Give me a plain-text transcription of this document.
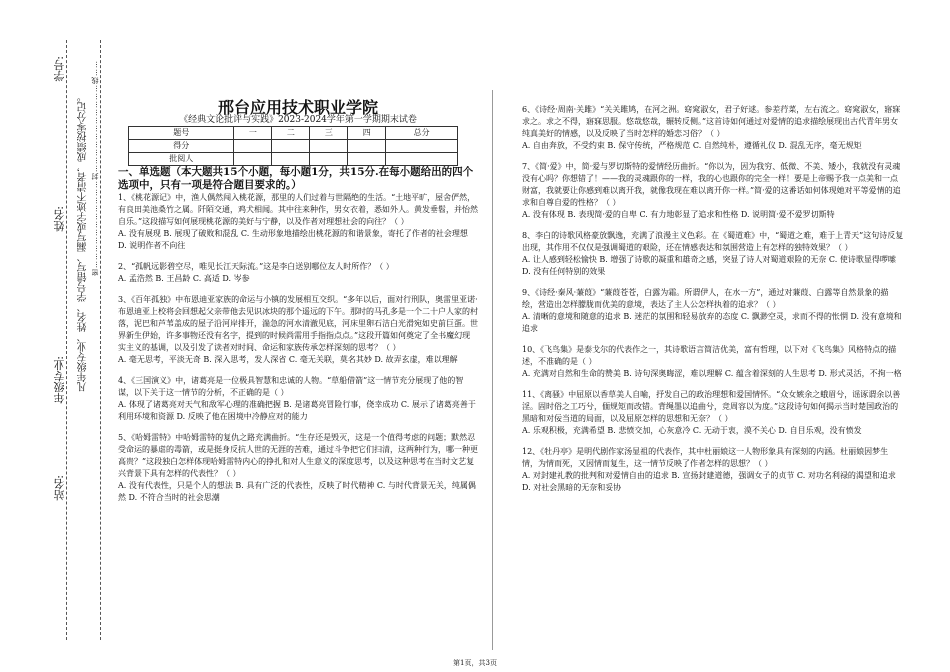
学号:
姓名:
年级专业:
站名:
凡年级专业、姓名、学号错写、漏写或字迹不清者，成绩按零分记。 密……………………………封……………………………线……	邢台应用技术职业学院

《经典文论批评与实践》2023-2024学年第一学期期末试卷

题号	一	二	三	四	总分
得分					
批阅人					

一、单选题（本大题共15个小题，每小题1分，共15分.在每小题给出的四个选项中，只有一项是符合题目要求的。）

1、《桃花源记》中，渔人偶然闯入桃花源，那里的人们过着与世隔绝的生活。“土地平旷，屋舍俨然，有良田美池桑竹之属。阡陌交通，鸡犬相闻。其中往来种作，男女衣着，悉如外人。黄发垂髫，并怡然自乐。”这段描写如何展现桃花源的美好与宁静，以及作者对理想社会的向往？（ ）

A. 没有展现 B. 展现了破败和混乱 C. 生动形象地描绘出桃花源的和谐景象，寄托了作者的社会理想 D. 说明作者不向往

2、“孤帆远影碧空尽，唯见长江天际流。”这是李白送别哪位友人时所作？（ ）

A. 孟浩然 B. 王昌龄 C. 高适 D. 岑参

3、《百年孤独》中布恩迪亚家族的命运与小镇的发展相互交织。“多年以后，面对行刑队，奥雷里亚诺·布恩迪亚上校将会回想起父亲带他去见识冰块的那个遥远的下午。那时的马孔多是一个二十户人家的村落，泥巴和芦苇盖成的屋子沿河岸排开，湍急的河水清澈见底，河床里卵石洁白光滑宛如史前巨蛋。世界新生伊始，许多事物还没有名字，提到的时候尚需用手指指点点。”这段开篇如何奠定了全书魔幻现实主义的基调，以及引发了读者对时间、命运和家族传承怎样深刻的思考？（ ）

A. 毫无思考，平淡无奇 B. 深入思考，发人深省 C. 毫无关联，莫名其妙 D. 故弄玄虚，难以理解

4、《三国演义》中，诸葛亮是一位极具智慧和忠诚的人物。“草船借箭”这一情节充分展现了他的智谋，以下关于这一情节的分析，不正确的是（ ）

A. 体现了诸葛亮对天气和敌军心理的准确把握 B. 是诸葛亮冒险行事，侥幸成功 C. 展示了诸葛亮善于利用环境和资源 D. 反映了他在困境中冷静应对的能力

5、《哈姆雷特》中哈姆雷特的复仇之路充满曲折。“生存还是毁灭，这是一个值得考虑的问题；默然忍受命运的暴虐的毒箭，或是挺身反抗人世的无涯的苦难，通过斗争把它们扫清，这两种行为，哪一种更高贵？”这段独白怎样体现哈姆雷特内心的挣扎和对人生意义的深度思考，以及这种思考在当时文艺复兴背景下具有怎样的代表性？（ ）

A. 没有代表性，只是个人的想法 B. 具有广泛的代表性，反映了时代精神 C. 与时代背景无关，纯属偶然 D. 不符合当时的社会思潮

6、《诗经·周南·关雎》“关关雎鸠，在河之洲。窈窕淑女，君子好逑。参差荇菜，左右流之。窈窕淑女，寤寐求之。求之不得，寤寐思服。悠哉悠哉，辗转反侧。”这首诗如何通过对爱情的追求描绘展现出古代青年男女纯真美好的情感，以及反映了当时怎样的婚恋习俗？（ ）

A. 自由奔放，不受约束 B. 保守传统，严格规范 C. 自然纯朴，遵循礼仪 D. 混乱无序，毫无规矩

7、《简·爱》中，简·爱与罗切斯特的爱情经历曲折。“你以为，因为我穷、低微、不美、矮小，我就没有灵魂没有心吗？你想错了！——我的灵魂跟你的一样，我的心也跟你的完全一样！要是上帝赐予我一点美和一点财富，我就要让你感到难以离开我，就像我现在难以离开你一样。”简·爱的这番话如何体现她对平等爱情的追求和自尊自爱的性格？（ ）

A. 没有体现 B. 表现简·爱的自卑 C. 有力地彰显了追求和性格 D. 说明简·爱不爱罗切斯特

8、李白的诗歌风格豪放飘逸，充满了浪漫主义色彩。在《蜀道难》中，“蜀道之难，难于上青天”这句诗反复出现，其作用不仅仅是强调蜀道的艰险，还在情感表达和氛围营造上有怎样的独特效果？（ ）

A. 让人感到轻松愉快 B. 增强了诗歌的凝重和雄奇之感，突显了诗人对蜀道艰险的无奈 C. 使诗歌显得啰嗦 D. 没有任何特别的效果

9、《诗经·秦风·蒹葭》“蒹葭苍苍，白露为霜。所谓伊人，在水一方”，通过对蒹葭、白露等自然景象的描绘，营造出怎样朦胧而优美的意境，表达了主人公怎样执着的追求？（ ）

A. 清晰的意境和随意的追求 B. 迷茫的氛围和轻易放弃的态度 C. 飘渺空灵，求而不得的怅惘 D. 没有意境和追求

10、《飞鸟集》是泰戈尔的代表作之一，其诗歌语言简洁优美，富有哲理，以下对《飞鸟集》风格特点的描述，不准确的是（ ）

A. 充满对自然和生命的赞美 B. 诗句深奥晦涩，难以理解 C. 蕴含着深刻的人生思考 D. 形式灵活，不拘一格

11、《离骚》中屈原以香草美人自喻，抒发自己的政治理想和爱国情怀。“众女嫉余之蛾眉兮，谣诼谓余以善淫。固时俗之工巧兮，偭规矩而改错。背绳墨以追曲兮，竞周容以为度。”这段诗句如何揭示当时楚国政治的黑暗和对佞当道的局面，以及屈原怎样的思想和无奈？（ ）

A. 乐观积极，充满希望 B. 悲愤交加，心灰意冷 C. 无动于衷，漠不关心 D. 自目乐观，没有愤发

12、《牡丹亭》是明代剧作家汤显祖的代表作，其中杜丽娘这一人物形象具有深刻的内涵。杜丽娘因梦生情，为情而死，又因情而复生，这一情节反映了作者怎样的思想？（ ）

A. 对封建礼教的批判和对爱情自由的追求 B. 宣扬封建道德，强调女子的贞节 C. 对功名利禄的渴望和追求 D. 对社会黑暗的无奈和妥协

第1页，共3页
